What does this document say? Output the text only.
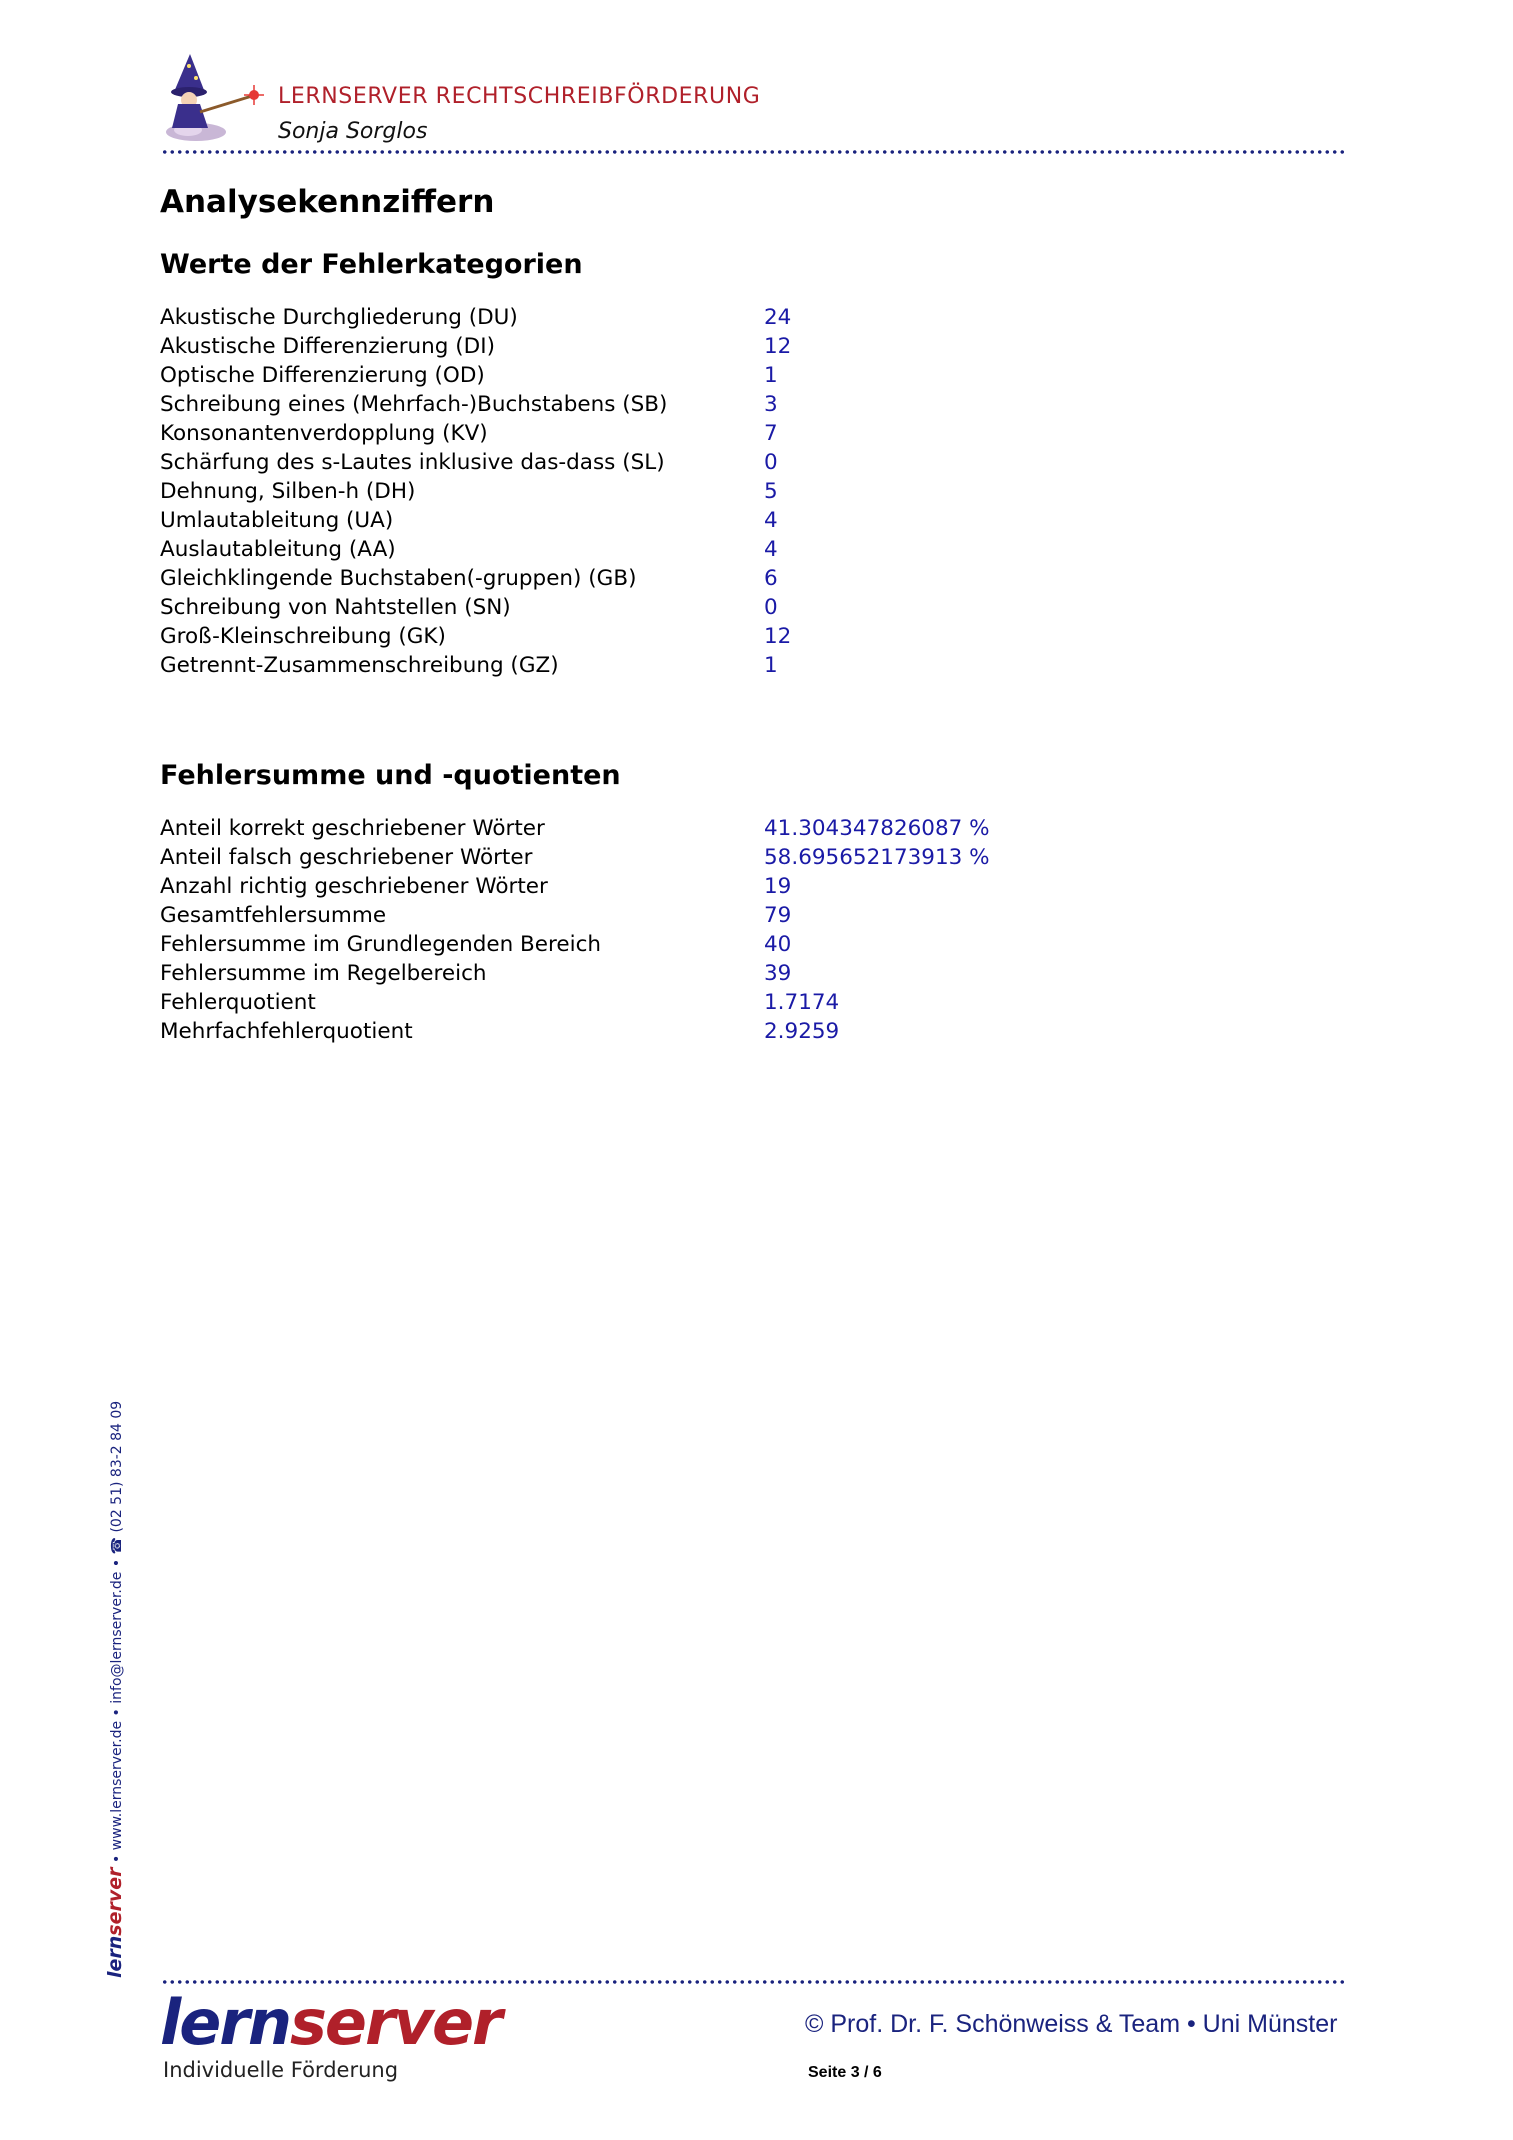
LERNSERVER RECHTSCHREIBFÖRDERUNG
Sonja Sorglos
Analysekennziffern
Werte der Fehlerkategorien
Akustische Durchgliederung (DU)	24
Akustische Differenzierung (DI)	12
Optische Differenzierung (OD)	1
Schreibung eines (Mehrfach-)Buchstabens (SB)	3
Konsonantenverdopplung (KV)	7
Schärfung des s-Lautes inklusive das-dass (SL)	0
Dehnung, Silben-h (DH)	5
Umlautableitung (UA)	4
Auslautableitung (AA)	4
Gleichklingende Buchstaben(-gruppen) (GB)	6
Schreibung von Nahtstellen (SN)	0
Groß-Kleinschreibung (GK)	12
Getrennt-Zusammenschreibung (GZ)	1
Fehlersumme und -quotienten
Anteil korrekt geschriebener Wörter	41.304347826087 %
Anteil falsch geschriebener Wörter	58.695652173913 %
Anzahl richtig geschriebener Wörter	19
Gesamtfehlersumme	79
Fehlersumme im Grundlegenden Bereich	40
Fehlersumme im Regelbereich	39
Fehlerquotient	1.7174
Mehrfachfehlerquotient	2.9259
lernserver • www.lernserver.de • info@lernserver.de • ☎ (02 51) 83-2 84 09
lernserver
Individuelle Förderung
© Prof. Dr. F. Schönweiss & Team • Uni Münster
Seite 3 / 6
